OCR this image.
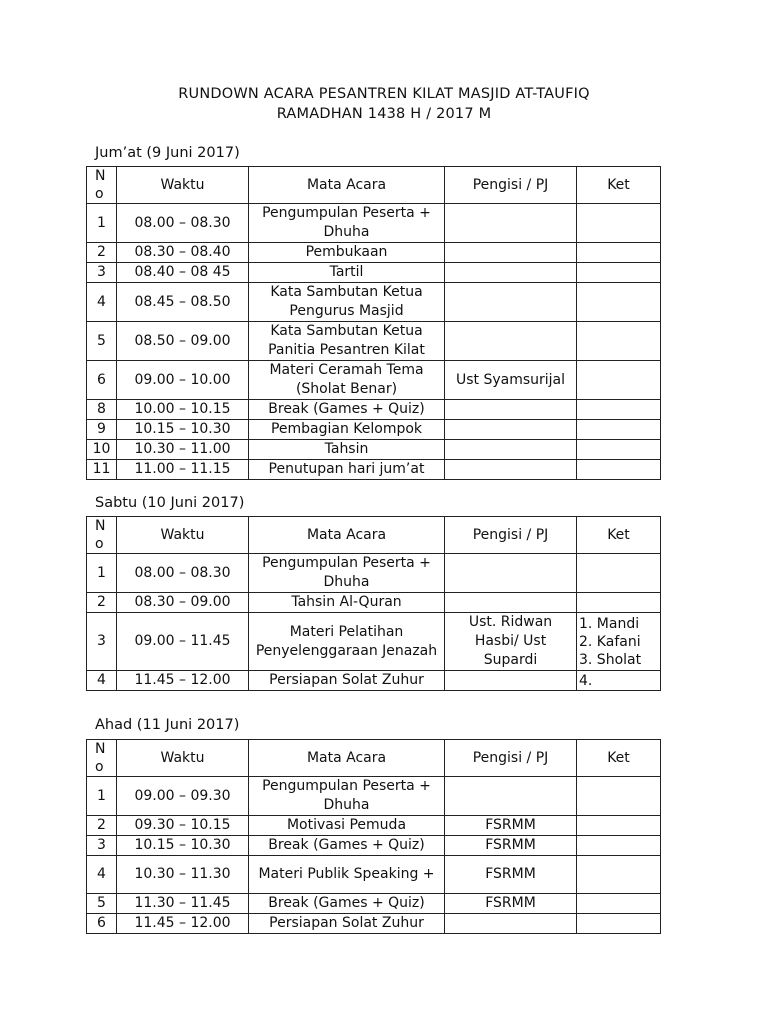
RUNDOWN ACARA PESANTREN KILAT MASJID AT-TAUFIQ
RAMADHAN 1438 H / 2017 M
Jum’at (9 Juni 2017)
N o	Waktu	Mata Acara	Pengisi / PJ	Ket
1	08.00 – 08.30	Pengumpulan Peserta + Dhuha		
2	08.30 – 08.40	Pembukaan		
3	08.40 – 08 45	Tartil		
4	08.45 – 08.50	Kata Sambutan Ketua Pengurus Masjid		
5	08.50 – 09.00	Kata Sambutan Ketua Panitia Pesantren Kilat		
6	09.00 – 10.00	Materi Ceramah Tema (Sholat Benar)	Ust Syamsurijal	
8	10.00 – 10.15	Break (Games + Quiz)		
9	10.15 – 10.30	Pembagian Kelompok		
10	10.30 – 11.00	Tahsin		
11	11.00 – 11.15	Penutupan hari jum’at		
Sabtu (10 Juni 2017)
N o	Waktu	Mata Acara	Pengisi / PJ	Ket
1	08.00 – 08.30	Pengumpulan Peserta + Dhuha		
2	08.30 – 09.00	Tahsin Al-Quran		
3	09.00 – 11.45	Materi Pelatihan Penyelenggaraan Jenazah	Ust. Ridwan Hasbi/ Ust Supardi	1. Mandi
2. Kafani
3. Sholat
4	11.45 – 12.00	Persiapan Solat Zuhur		4.
Ahad (11 Juni 2017)
N o	Waktu	Mata Acara	Pengisi / PJ	Ket
1	09.00 – 09.30	Pengumpulan Peserta + Dhuha		
2	09.30 – 10.15	Motivasi Pemuda	FSRMM	
3	10.15 – 10.30	Break (Games + Quiz)	FSRMM	
4	10.30 – 11.30	Materi Publik Speaking +	FSRMM	
5	11.30 – 11.45	Break (Games + Quiz)	FSRMM	
6	11.45 – 12.00	Persiapan Solat Zuhur		
